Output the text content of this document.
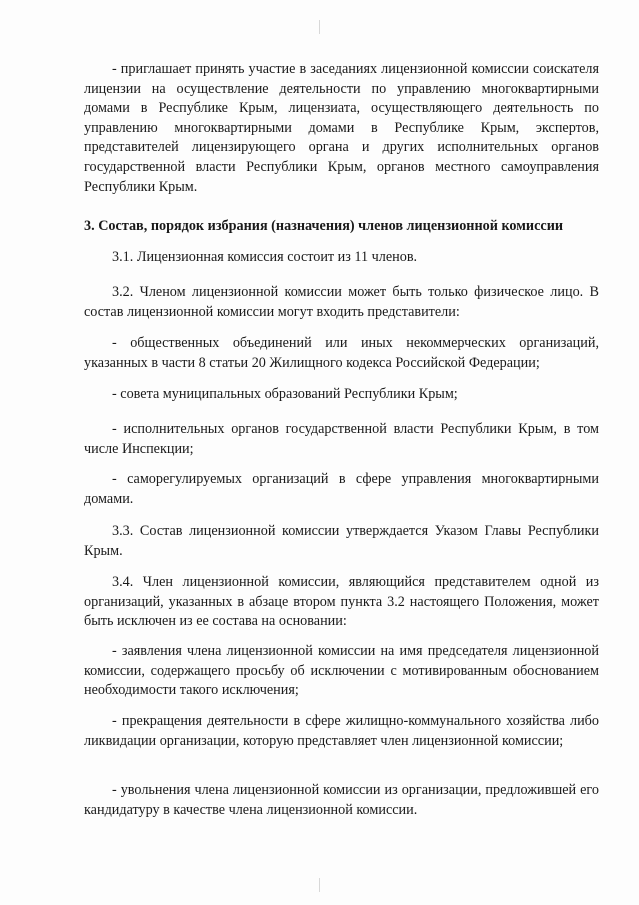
- приглашает принять участие в заседаниях лицензионной комиссии соискателя лицензии на осуществление деятельности по управлению многоквартирными домами в Республике Крым, лицензиата, осуществляющего деятельность по управлению многоквартирными домами в Республике Крым, экспертов, представителей лицензирующего органа и других исполнительных органов государственной власти Республики Крым, органов местного самоуправления Республики Крым.

3. Состав, порядок избрания (назначения) членов лицензионной комиссии

3.1. Лицензионная комиссия состоит из 11 членов.

3.2. Членом лицензионной комиссии может быть только физическое лицо. В состав лицензионной комиссии могут входить представители:

- общественных объединений или иных некоммерческих организаций, указанных в части 8 статьи 20 Жилищного кодекса Российской Федерации;

- совета муниципальных образований Республики Крым;

- исполнительных органов государственной власти Республики Крым, в том числе Инспекции;

- саморегулируемых организаций в сфере управления многоквартирными домами.

3.3. Состав лицензионной комиссии утверждается Указом Главы Республики Крым.

3.4. Член лицензионной комиссии, являющийся представителем одной из организаций, указанных в абзаце втором пункта 3.2 настоящего Положения, может быть исключен из ее состава на основании:

- заявления члена лицензионной комиссии на имя председателя лицензионной комиссии, содержащего просьбу об исключении с мотивированным обоснованием необходимости такого исключения;

- прекращения деятельности в сфере жилищно-коммунального хозяйства либо ликвидации организации, которую представляет член лицензионной комиссии;

- увольнения члена лицензионной комиссии из организации, предложившей его кандидатуру в качестве члена лицензионной комиссии.
